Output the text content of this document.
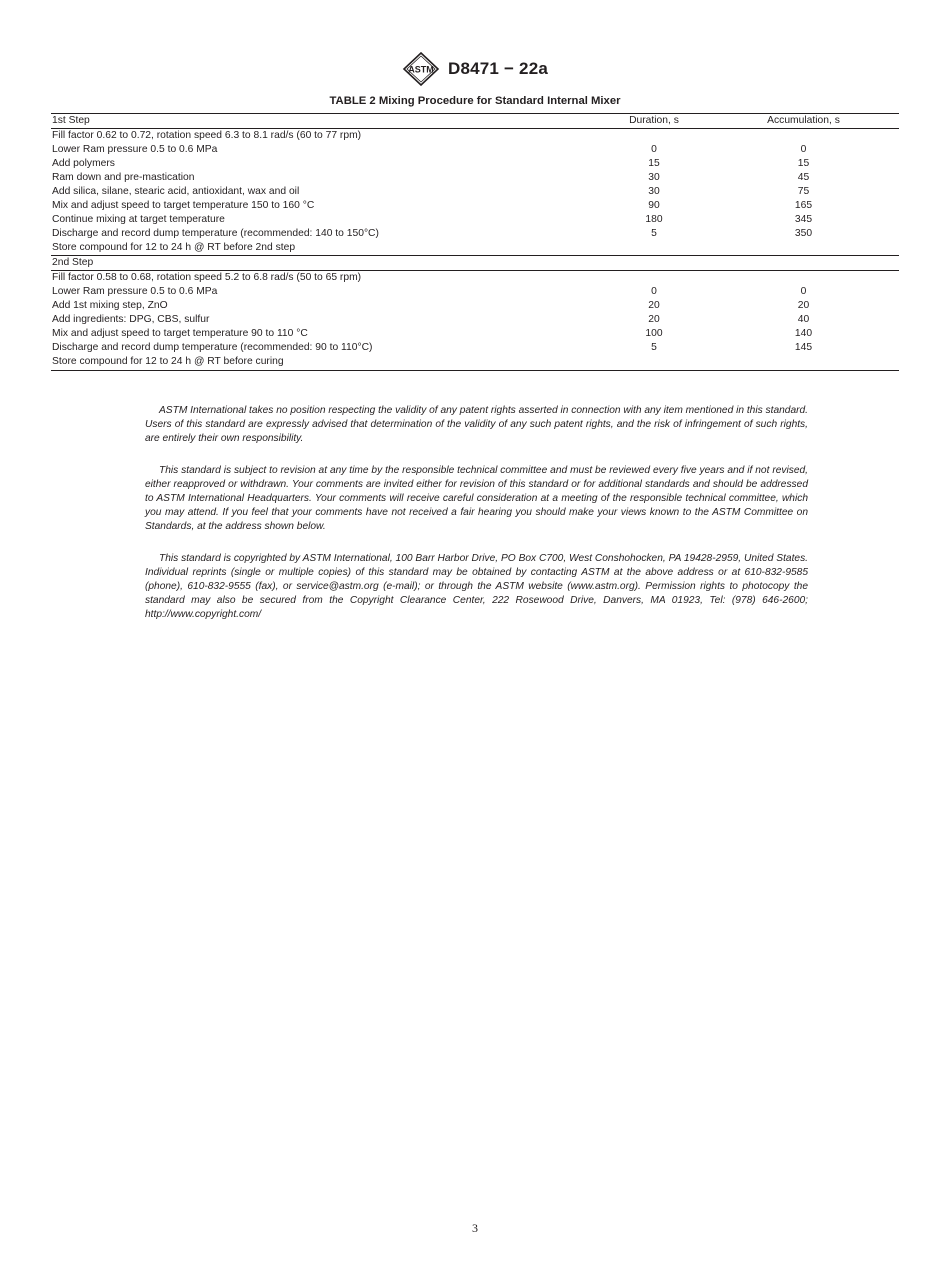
ASTM D8471 − 22a
TABLE 2 Mixing Procedure for Standard Internal Mixer
1st Step	Duration, s	Accumulation, s
Fill factor 0.62 to 0.72, rotation speed 6.3 to 8.1 rad/s (60 to 77 rpm)		
Lower Ram pressure 0.5 to 0.6 MPa	0	0
Add polymers	15	15
Ram down and pre-mastication	30	45
Add silica, silane, stearic acid, antioxidant, wax and oil	30	75
Mix and adjust speed to target temperature 150 to 160 °C	90	165
Continue mixing at target temperature	180	345
Discharge and record dump temperature (recommended: 140 to 150°C)	5	350
Store compound for 12 to 24 h @ RT before 2nd step		
2nd Step		
Fill factor 0.58 to 0.68, rotation speed 5.2 to 6.8 rad/s (50 to 65 rpm)		
Lower Ram pressure 0.5 to 0.6 MPa	0	0
Add 1st mixing step, ZnO	20	20
Add ingredients: DPG, CBS, sulfur	20	40
Mix and adjust speed to target temperature 90 to 110 °C	100	140
Discharge and record dump temperature (recommended: 90 to 110°C)	5	145
Store compound for 12 to 24 h @ RT before curing		

ASTM International takes no position respecting the validity of any patent rights asserted in connection with any item mentioned in this standard. Users of this standard are expressly advised that determination of the validity of any such patent rights, and the risk of infringement of such rights, are entirely their own responsibility.

This standard is subject to revision at any time by the responsible technical committee and must be reviewed every five years and if not revised, either reapproved or withdrawn. Your comments are invited either for revision of this standard or for additional standards and should be addressed to ASTM International Headquarters. Your comments will receive careful consideration at a meeting of the responsible technical committee, which you may attend. If you feel that your comments have not received a fair hearing you should make your views known to the ASTM Committee on Standards, at the address shown below.

This standard is copyrighted by ASTM International, 100 Barr Harbor Drive, PO Box C700, West Conshohocken, PA 19428-2959, United States. Individual reprints (single or multiple copies) of this standard may be obtained by contacting ASTM at the above address or at 610-832-9585 (phone), 610-832-9555 (fax), or service@astm.org (e-mail); or through the ASTM website (www.astm.org). Permission rights to photocopy the standard may also be secured from the Copyright Clearance Center, 222 Rosewood Drive, Danvers, MA 01923, Tel: (978) 646-2600; http://www.copyright.com/

3
